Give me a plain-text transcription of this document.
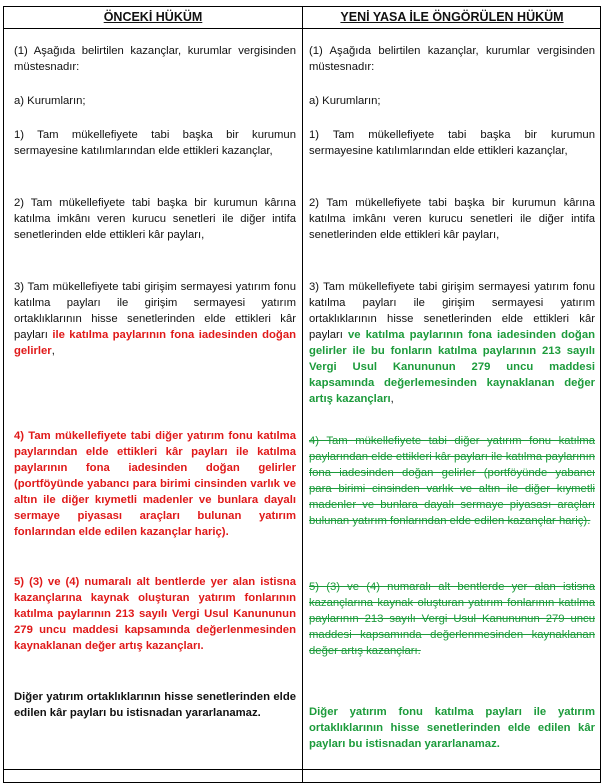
ÖNCEKİ HÜKÜM	YENİ YASA İLE ÖNGÖRÜLEN HÜKÜM

(1) Aşağıda belirtilen kazançlar, kurumlar vergisinden müstesnadır:

a) Kurumların;

1) Tam mükellefiyete tabi başka bir kurumun sermayesine katılımlarından elde ettikleri kazançlar,

2) Tam mükellefiyete tabi başka bir kurumun kârına katılma imkânı veren kurucu senetleri ile diğer intifa senetlerinden elde ettikleri kâr payları,

3) Tam mükellefiyete tabi girişim sermayesi yatırım fonu katılma payları ile girişim sermayesi yatırım ortaklıklarının hisse senetlerinden elde ettikleri kâr payları ile katılma paylarının fona iadesinden doğan gelirler,

4) Tam mükellefiyete tabi diğer yatırım fonu katılma paylarından elde ettikleri kâr payları ile katılma paylarının fona iadesinden doğan gelirler (portföyünde yabancı para birimi cinsinden varlık ve altın ile diğer kıymetli madenler ve bunlara dayalı sermaye piyasası araçları bulunan yatırım fonlarından elde edilen kazançlar hariç).

5) (3) ve (4) numaralı alt bentlerde yer alan istisna kazançlarına kaynak oluşturan yatırım fonlarının katılma paylarının 213 sayılı Vergi Usul Kanununun 279 uncu maddesi kapsamında değerlenmesinden kaynaklanan değer artış kazançları.

Diğer yatırım ortaklıklarının hisse senetlerinden elde edilen kâr payları bu istisnadan yararlanamaz.

(1) Aşağıda belirtilen kazançlar, kurumlar vergisinden müstesnadır:

a) Kurumların;

1) Tam mükellefiyete tabi başka bir kurumun sermayesine katılımlarından elde ettikleri kazançlar,

2) Tam mükellefiyete tabi başka bir kurumun kârına katılma imkânı veren kurucu senetleri ile diğer intifa senetlerinden elde ettikleri kâr payları,

3) Tam mükellefiyete tabi girişim sermayesi yatırım fonu katılma payları ile girişim sermayesi yatırım ortaklıklarının hisse senetlerinden elde ettikleri kâr payları ve katılma paylarının fona iadesinden doğan gelirler ile bu fonların katılma paylarının 213 sayılı Vergi Usul Kanununun 279 uncu maddesi kapsamında değerlemesinden kaynaklanan değer artış kazançları,

4) Tam mükellefiyete tabi diğer yatırım fonu katılma paylarından elde ettikleri kâr payları ile katılma paylarının fona iadesinden doğan gelirler (portföyünde yabancı para birimi cinsinden varlık ve altın ile diğer kıymetli madenler ve bunlara dayalı sermaye piyasası araçları bulunan yatırım fonlarından elde edilen kazançlar hariç).

5) (3) ve (4) numaralı alt bentlerde yer alan istisna kazançlarına kaynak oluşturan yatırım fonlarının katılma paylarının 213 sayılı Vergi Usul Kanununun 279 uncu maddesi kapsamında değerlenmesinden kaynaklanan değer artış kazançları.

Diğer yatırım fonu katılma payları ile yatırım ortaklıklarının hisse senetlerinden elde edilen kâr payları bu istisnadan yararlanamaz.
